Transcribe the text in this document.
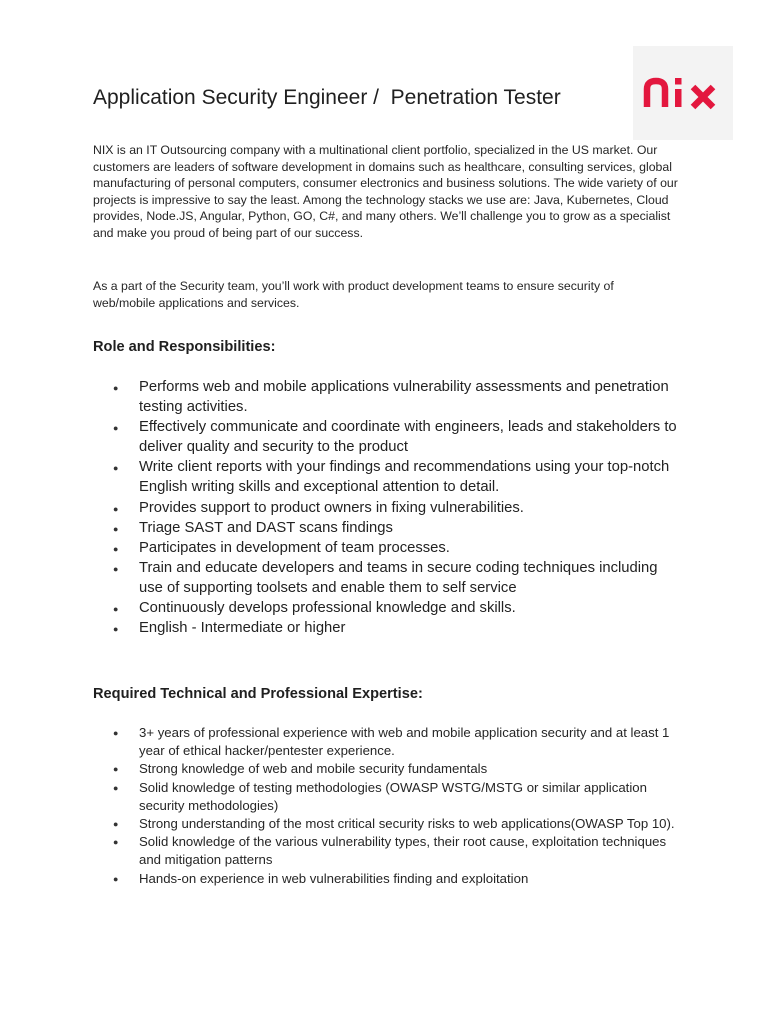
Application Security Engineer /  Penetration Tester

NIX is an IT Outsourcing company with a multinational client portfolio, specialized in the US market. Our customers are leaders of software development in domains such as healthcare, consulting services, global manufacturing of personal computers, consumer electronics and business solutions. The wide variety of our projects is impressive to say the least. Among the technology stacks we use are: Java, Kubernetes, Cloud provides, Node.JS, Angular, Python, GO, C#, and many others. We’ll challenge you to grow as a specialist and make you proud of being part of our success.

As a part of the Security team, you’ll work with product development teams to ensure security of web/mobile applications and services.

Role and Responsibilities:
● Performs web and mobile applications vulnerability assessments and penetration testing activities.
● Effectively communicate and coordinate with engineers, leads and stakeholders to deliver quality and security to the product
● Write client reports with your findings and recommendations using your top-notch English writing skills and exceptional attention to detail.
● Provides support to product owners in fixing vulnerabilities.
● Triage SAST and DAST scans findings
● Participates in development of team processes.
● Train and educate developers and teams in secure coding techniques including use of supporting toolsets and enable them to self service
● Continuously develops professional knowledge and skills.
● English - Intermediate or higher
Required Technical and Professional Expertise:
● 3+ years of professional experience with web and mobile application security and at least 1 year of ethical hacker/pentester experience.
● Strong knowledge of web and mobile security fundamentals
● Solid knowledge of testing methodologies (OWASP WSTG/MSTG or similar application security methodologies)
● Strong understanding of the most critical security risks to web applications(OWASP Top 10).
● Solid knowledge of the various vulnerability types, their root cause, exploitation techniques and mitigation patterns
● Hands-on experience in web vulnerabilities finding and exploitation
